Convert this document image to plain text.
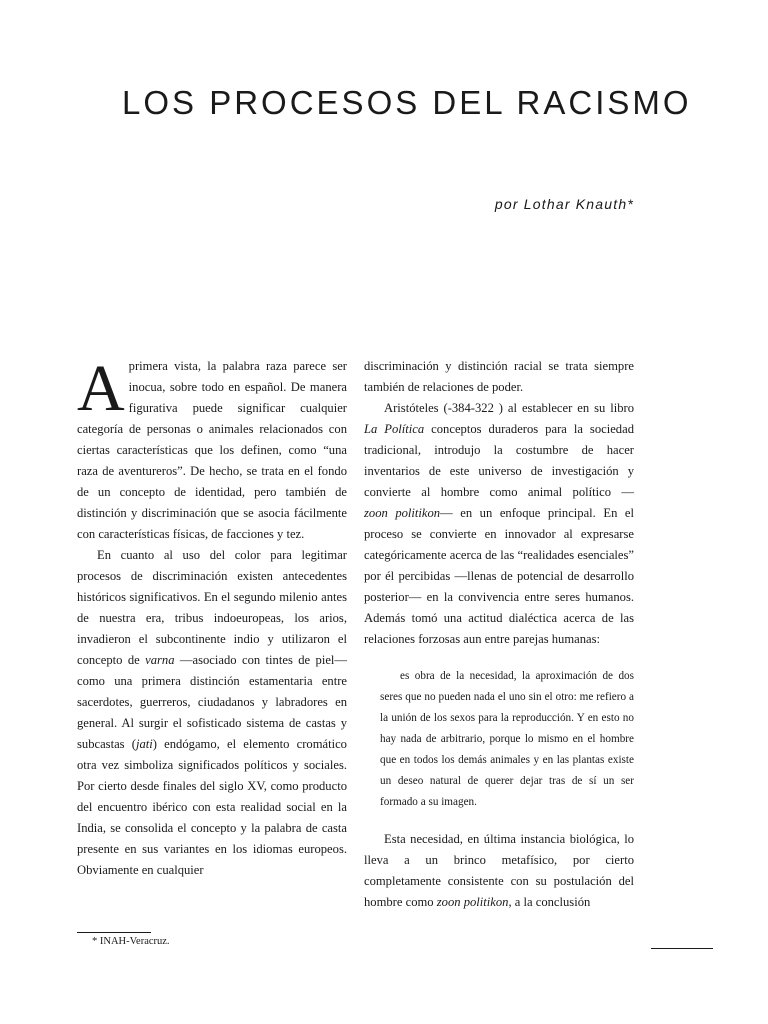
LOS PROCESOS DEL RACISMO

por Lothar Knauth*

Aprimera vista, la palabra raza parece ser inocua, sobre todo en español. De manera figurativa puede significar cualquier categoría de personas o animales relacionados con ciertas características que los definen, como “una raza de aventureros”. De hecho, se trata en el fondo de un concepto de identidad, pero también de distinción y discriminación que se asocia fácilmente con características físicas, de facciones y tez.

En cuanto al uso del color para legitimar procesos de discriminación existen antecedentes históricos significativos. En el segundo milenio antes de nuestra era, tribus indoeuropeas, los arios, invadieron el subcontinente indio y utilizaron el concepto de varna —asociado con tintes de piel— como una primera distinción estamentaria entre sacerdotes, guerreros, ciudadanos y labradores en general. Al surgir el sofisticado sistema de castas y subcastas (jati) endógamo, el elemento cromático otra vez simboliza significados políticos y sociales. Por cierto desde finales del siglo XV, como producto del encuentro ibérico con esta realidad social en la India, se consolida el concepto y la palabra de casta presente en sus variantes en los idiomas europeos. Obviamente en cualquier

discriminación y distinción racial se trata siempre también de relaciones de poder.

Aristóteles (-384-322 ) al establecer en su libro La Política conceptos duraderos para la sociedad tradicional, introdujo la costumbre de hacer inventarios de este universo de investigación y convierte al hombre como animal político —zoon politikon— en un enfoque principal. En el proceso se convierte en innovador al expresarse categóricamente acerca de las “realidades esenciales” por él percibidas —llenas de potencial de desarrollo posterior— en la convivencia entre seres humanos. Además tomó una actitud dialéctica acerca de las relaciones forzosas aun entre parejas humanas:

es obra de la necesidad, la aproximación de dos seres que no pueden nada el uno sin el otro: me refiero a la unión de los sexos para la reproducción. Y en esto no hay nada de arbitrario, porque lo mismo en el hombre que en todos los demás animales y en las plantas existe un deseo natural de querer dejar tras de sí un ser formado a su imagen.

Esta necesidad, en última instancia biológica, lo lleva a un brinco metafísico, por cierto completamente consistente con su postulación del hombre como zoon politikon, a la conclusión

* INAH-Veracruz.
